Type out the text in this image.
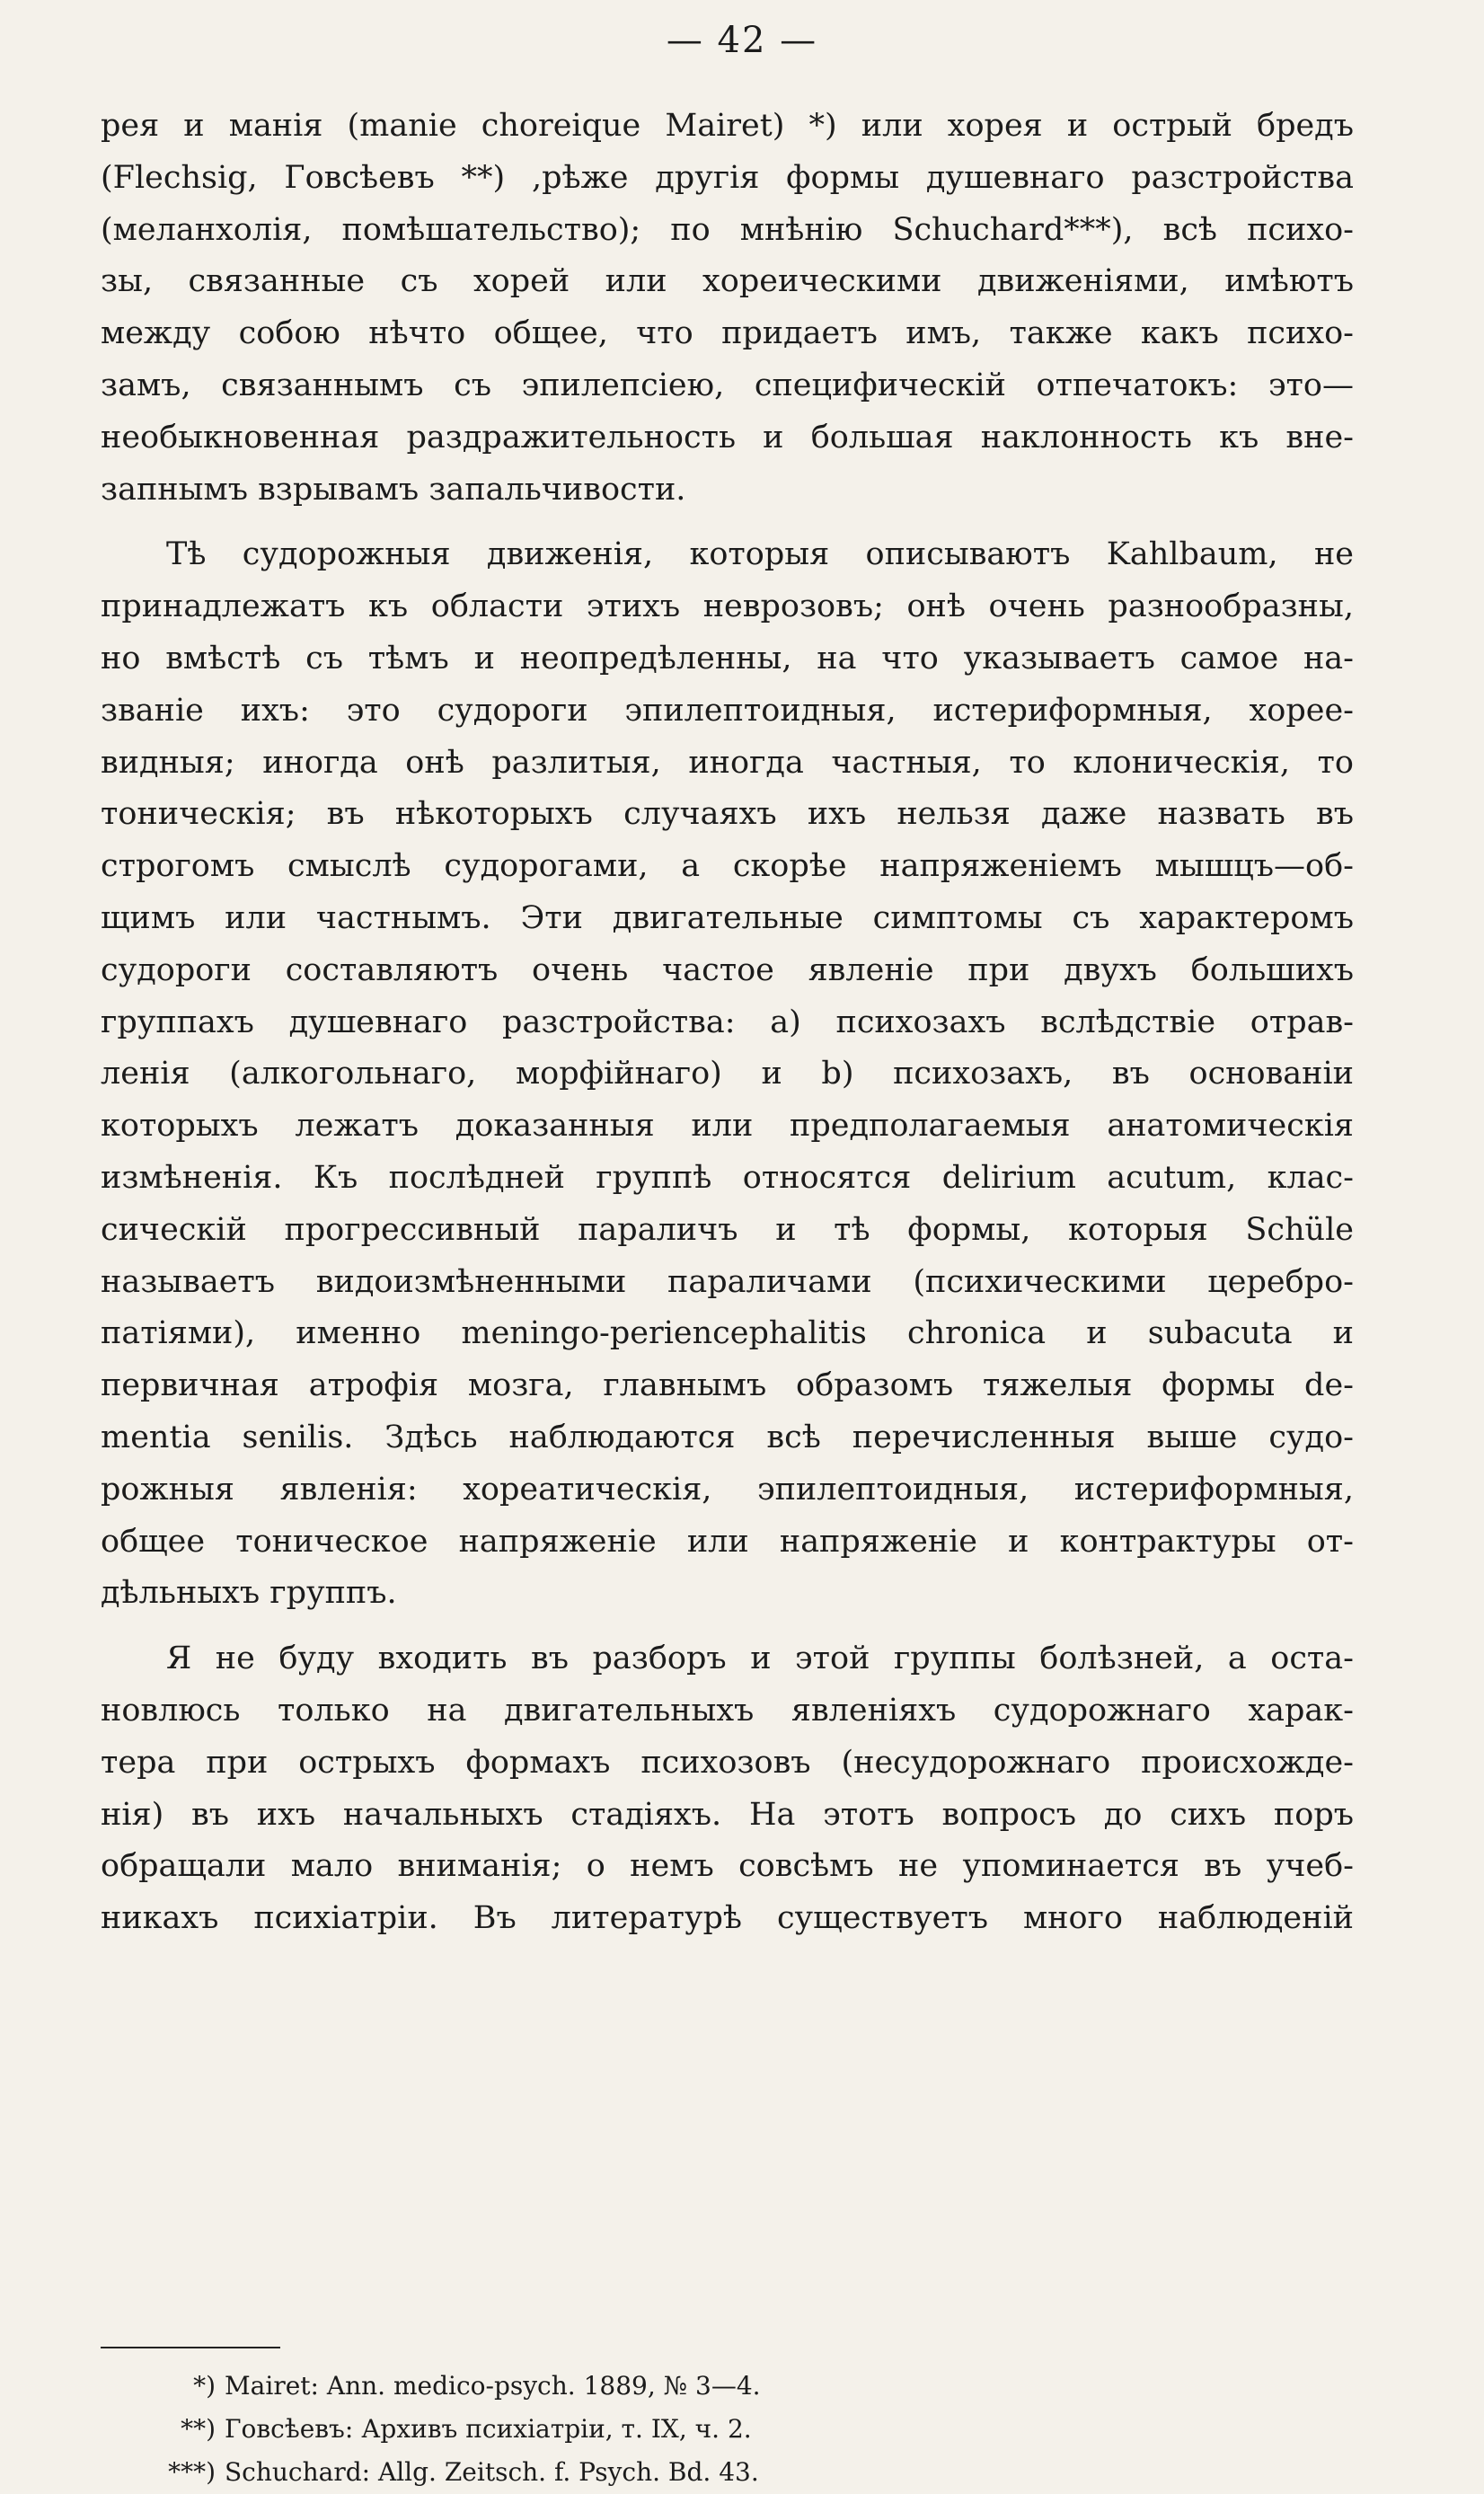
— 42 —
рея и манія (manie choreique Mairet) *) или хорея и острый бредъ
(Flechsig, Говсѣевъ **) ,рѣже другія формы душевнаго разстройства
(меланхолія, помѣшательство); по мнѣнію Schuchard***), всѣ психо-
зы, связанные съ хорей или хореическими движеніями, имѣютъ
между собою нѣчто общее, что придаетъ имъ, также какъ психо-
замъ, связаннымъ съ эпилепсіею, специфическій отпечатокъ: это—
необыкновенная раздражительность и большая наклонность къ вне-
запнымъ взрывамъ запальчивости.
Тѣ судорожныя движенія, которыя описываютъ Kahlbaum, не
принадлежатъ къ области этихъ неврозовъ; онѣ очень разнообразны,
но вмѣстѣ съ тѣмъ и неопредѣленны, на что указываетъ самое на-
званіе ихъ: это судороги эпилептоидныя, истериформныя, хорее-
видныя; иногда онѣ разлитыя, иногда частныя, то клоническія, то
тоническія; въ нѣкоторыхъ случаяхъ ихъ нельзя даже назвать въ
строгомъ смыслѣ судорогами, а скорѣе напряженіемъ мышцъ—об-
щимъ или частнымъ. Эти двигательные симптомы съ характеромъ
судороги составляютъ очень частое явленіе при двухъ большихъ
группахъ душевнаго разстройства: a) психозахъ вслѣдствіе отрав-
ленія (алкогольнаго, морфійнаго) и b) психозахъ, въ основаніи
которыхъ лежатъ доказанныя или предполагаемыя анатомическія
измѣненія. Къ послѣдней группѣ относятся delirium acutum, клас-
сическій прогрессивный параличъ и тѣ формы, которыя Schüle
называетъ видоизмѣненными параличами (психическими церебро-
патіями), именно meningo-periencephalitis chronica и subacuta и
первичная атрофія мозга, главнымъ образомъ тяжелыя формы de-
mentia senilis. Здѣсь наблюдаются всѣ перечисленныя выше судо-
рожныя явленія: хореатическія, эпилептоидныя, истериформныя,
общее тоническое напряженіе или напряженіе и контрактуры от-
дѣльныхъ группъ.
Я не буду входить въ разборъ и этой группы болѣзней, а оста-
новлюсь только на двигательныхъ явленіяхъ судорожнаго харак-
тера при острыхъ формахъ психозовъ (несудорожнаго происхожде-
нія) въ ихъ начальныхъ стадіяхъ. На этотъ вопросъ до сихъ поръ
обращали мало вниманія; о немъ совсѣмъ не упоминается въ учеб-
никахъ психіатріи. Въ литературѣ существуетъ много наблюденій
*) Mairet: Ann. medico-psych. 1889, № 3—4.
**) Говсѣевъ: Архивъ психіатріи, т. IX, ч. 2.
***) Schuchard: Allg. Zeitsch. f. Psych. Bd. 43.
